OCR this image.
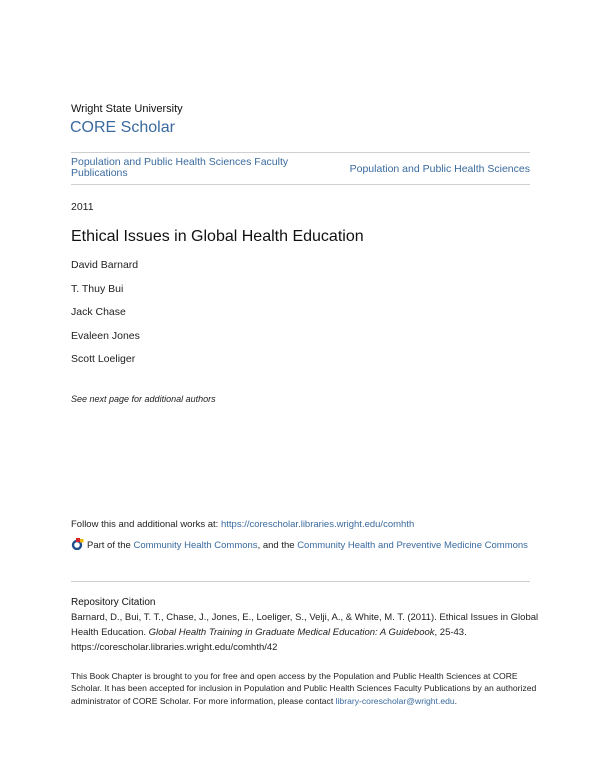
Wright State University
CORE Scholar
Population and Public Health Sciences Faculty Publications	Population and Public Health Sciences
2011
Ethical Issues in Global Health Education
David Barnard
T. Thuy Bui
Jack Chase
Evaleen Jones
Scott Loeliger
See next page for additional authors
Follow this and additional works at: https://corescholar.libraries.wright.edu/comhth
Part of the Community Health Commons, and the Community Health and Preventive Medicine Commons
Repository Citation
Barnard, D., Bui, T. T., Chase, J., Jones, E., Loeliger, S., Velji, A., & White, M. T. (2011). Ethical Issues in Global Health Education. Global Health Training in Graduate Medical Education: A Guidebook, 25-43.
https://corescholar.libraries.wright.edu/comhth/42
This Book Chapter is brought to you for free and open access by the Population and Public Health Sciences at CORE Scholar. It has been accepted for inclusion in Population and Public Health Sciences Faculty Publications by an authorized administrator of CORE Scholar. For more information, please contact library-corescholar@wright.edu.
